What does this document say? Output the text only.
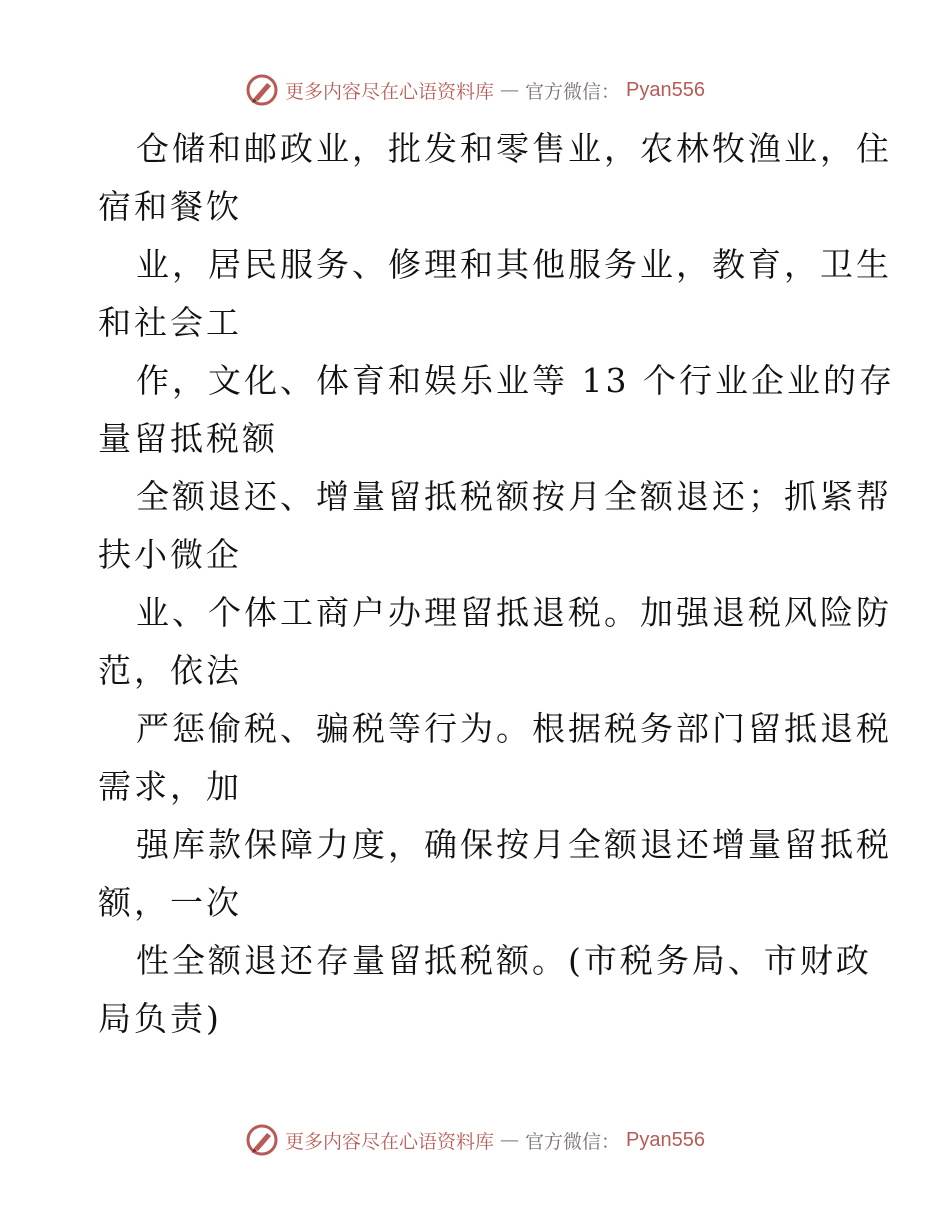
更多内容尽在心语资料库 — 官方微信： Pyan556
仓储和邮政业，批发和零售业，农林牧渔业，住
宿和餐饮
业，居民服务、修理和其他服务业，教育，卫生
和社会工
作，文化、体育和娱乐业等 13 个行业企业的存
量留抵税额
全额退还、增量留抵税额按月全额退还；抓紧帮
扶小微企
业、个体工商户办理留抵退税。加强退税风险防
范，依法
严惩偷税、骗税等行为。根据税务部门留抵退税
需求，加
强库款保障力度，确保按月全额退还增量留抵税
额，一次
性全额退还存量留抵税额。(市税务局、市财政
局负责)
更多内容尽在心语资料库 — 官方微信： Pyan556
